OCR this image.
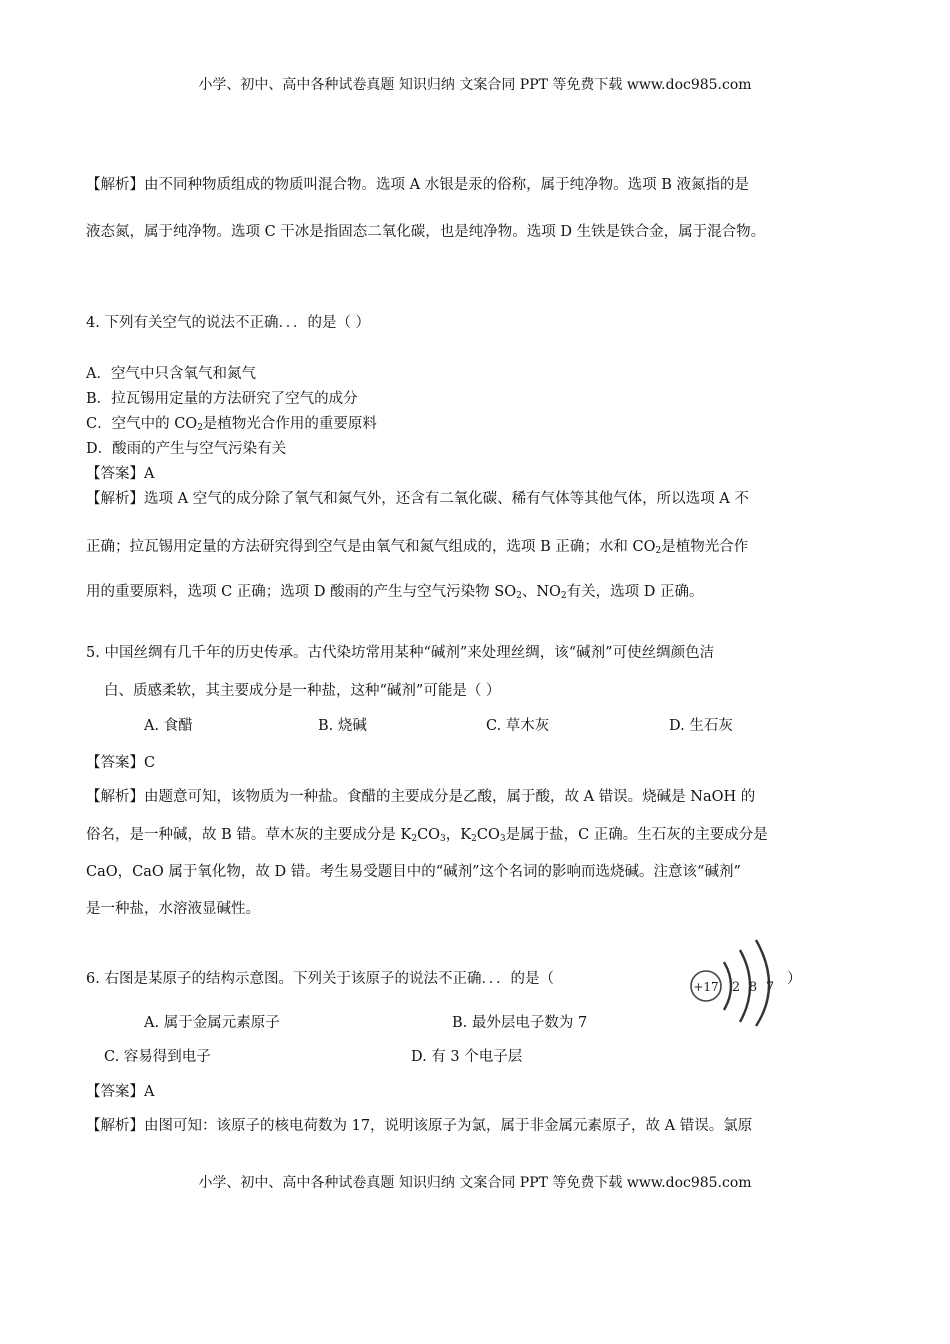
小学、初中、高中各种试卷真题 知识归纳 文案合同 PPT 等免费下载 www.doc985.com
【解析】由不同种物质组成的物质叫混合物。选项 A 水银是汞的俗称，属于纯净物。选项 B 液氮指的是
液态氮，属于纯净物。选项 C 干冰是指固态二氧化碳，也是纯净物。选项 D 生铁是铁合金，属于混合物。
4. 下列有关空气的说法不正确．．．的是（ ）
A．空气中只含氧气和氮气
B．拉瓦锡用定量的方法研究了空气的成分
C．空气中的 $CO_2$是植物光合作用的重要原料
D．酸雨的产生与空气污染有关
【答案】A
【解析】选项 A 空气的成分除了氧气和氮气外，还含有二氧化碳、稀有气体等其他气体，所以选项 A 不
正确；拉瓦锡用定量的方法研究得到空气是由氧气和氮气组成的，选项 B 正确；水和 $CO_2$是植物光合作
用的重要原料，选项 C 正确；选项 D 酸雨的产生与空气污染物 $SO_2$、$NO_2$有关，选项 D 正确。
5. 中国丝绸有几千年的历史传承。古代染坊常用某种“碱剂”来处理丝绸，该“碱剂”可使丝绸颜色洁
白、质感柔软，其主要成分是一种盐，这种“碱剂”可能是（ ）
A. 食醋	B. 烧碱	C. 草木灰	D. 生石灰
【答案】C
【解析】由题意可知，该物质为一种盐。食醋的主要成分是乙酸，属于酸，故 A 错误。烧碱是 NaOH 的
俗名，是一种碱，故 B 错。草木灰的主要成分是 $K_2CO_3$，$K_2CO_3$是属于盐，C 正确。生石灰的主要成分是
CaO，CaO 属于氧化物，故 D 错。考生易受题目中的“碱剂”这个名词的影响而选烧碱。注意该“碱剂”
是一种盐，水溶液显碱性。
6. 右图是某原子的结构示意图。下列关于该原子的说法不正确．．．的是（	）
+17 2 8 7
A. 属于金属元素原子	B. 最外层电子数为 7
C. 容易得到电子	D. 有 3 个电子层
【答案】A
【解析】由图可知：该原子的核电荷数为 17，说明该原子为氯，属于非金属元素原子，故 A 错误。氯原
小学、初中、高中各种试卷真题 知识归纳 文案合同 PPT 等免费下载 www.doc985.com
